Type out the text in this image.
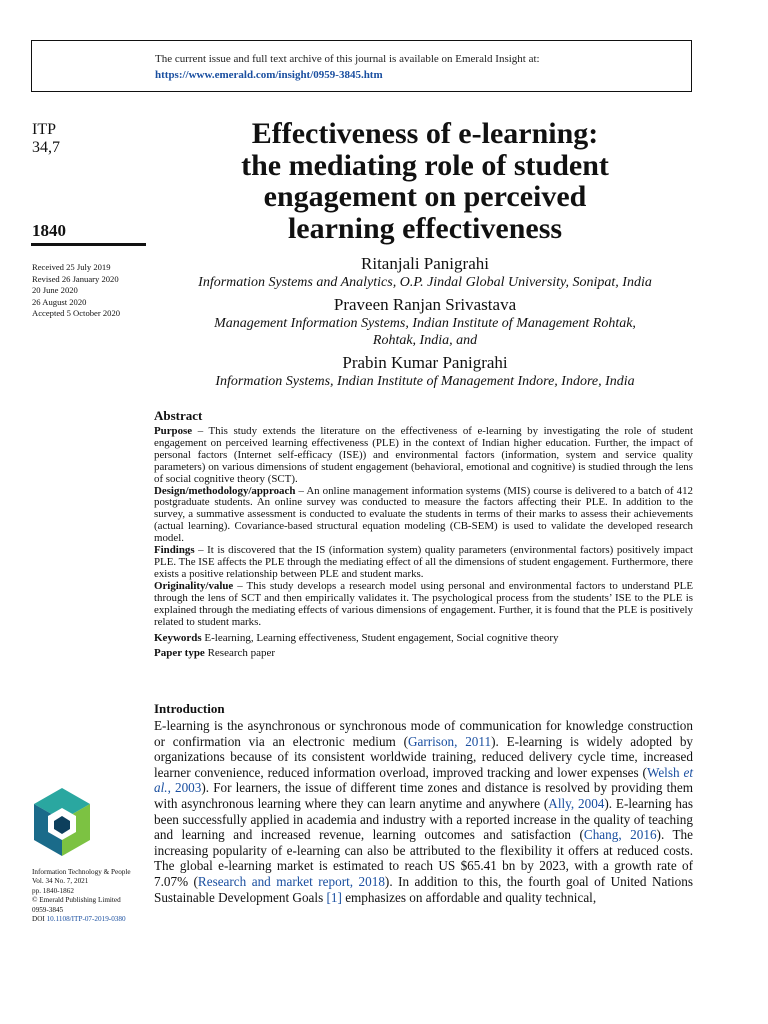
The current issue and full text archive of this journal is available on Emerald Insight at:
https://www.emerald.com/insight/0959-3845.htm
ITP
34,7
1840
Received 25 July 2019
Revised 26 January 2020
20 June 2020
26 August 2020
Accepted 5 October 2020
Effectiveness of e-learning:
the mediating role of student
engagement on perceived
learning effectiveness
Ritanjali Panigrahi
Information Systems and Analytics, O.P. Jindal Global University, Sonipat, India
Praveen Ranjan Srivastava
Management Information Systems, Indian Institute of Management Rohtak,
Rohtak, India, and
Prabin Kumar Panigrahi
Information Systems, Indian Institute of Management Indore, Indore, India
Abstract

Purpose – This study extends the literature on the effectiveness of e-learning by investigating the role of student engagement on perceived learning effectiveness (PLE) in the context of Indian higher education. Further, the impact of personal factors (Internet self-efficacy (ISE)) and environmental factors (information, system and service quality parameters) on various dimensions of student engagement (behavioral, emotional and cognitive) is studied through the lens of social cognitive theory (SCT).

Design/methodology/approach – An online management information systems (MIS) course is delivered to a batch of 412 postgraduate students. An online survey was conducted to measure the factors affecting their PLE. In addition to the survey, a summative assessment is conducted to evaluate the students in terms of their marks to assess their achievements (actual learning). Covariance-based structural equation modeling (CB-SEM) is used to validate the developed research model.

Findings – It is discovered that the IS (information system) quality parameters (environmental factors) positively impact PLE. The ISE affects the PLE through the mediating effect of all the dimensions of student engagement. Furthermore, there exists a positive relationship between PLE and student marks.

Originality/value – This study develops a research model using personal and environmental factors to understand PLE through the lens of SCT and then empirically validates it. The psychological process from the students’ ISE to the PLE is explained through the mediating effects of various dimensions of engagement. Further, it is found that the PLE is positively related to student marks.

Keywords E-learning, Learning effectiveness, Student engagement, Social cognitive theory
Paper type Research paper
Introduction

E-learning is the asynchronous or synchronous mode of communication for knowledge construction or confirmation via an electronic medium (Garrison, 2011). E-learning is widely adopted by organizations because of its consistent worldwide training, reduced delivery cycle time, increased learner convenience, reduced information overload, improved tracking and lower expenses (Welsh et al., 2003). For learners, the issue of different time zones and distance is resolved by providing them with asynchronous learning where they can learn anytime and anywhere (Ally, 2004). E-learning has been successfully applied in academia and industry with a reported increase in the quality of teaching and learning and increased revenue, learning outcomes and satisfaction (Chang, 2016). The increasing popularity of e-learning can also be attributed to the flexibility it offers at reduced costs. The global e-learning market is estimated to reach US $65.41 bn by 2023, with a growth rate of 7.07% (Research and market report, 2018). In addition to this, the fourth goal of United Nations Sustainable Development Goals [1] emphasizes on affordable and quality technical,

Information Technology & People
Vol. 34 No. 7, 2021
pp. 1840-1862
© Emerald Publishing Limited
0959-3845
DOI 10.1108/ITP-07-2019-0380
